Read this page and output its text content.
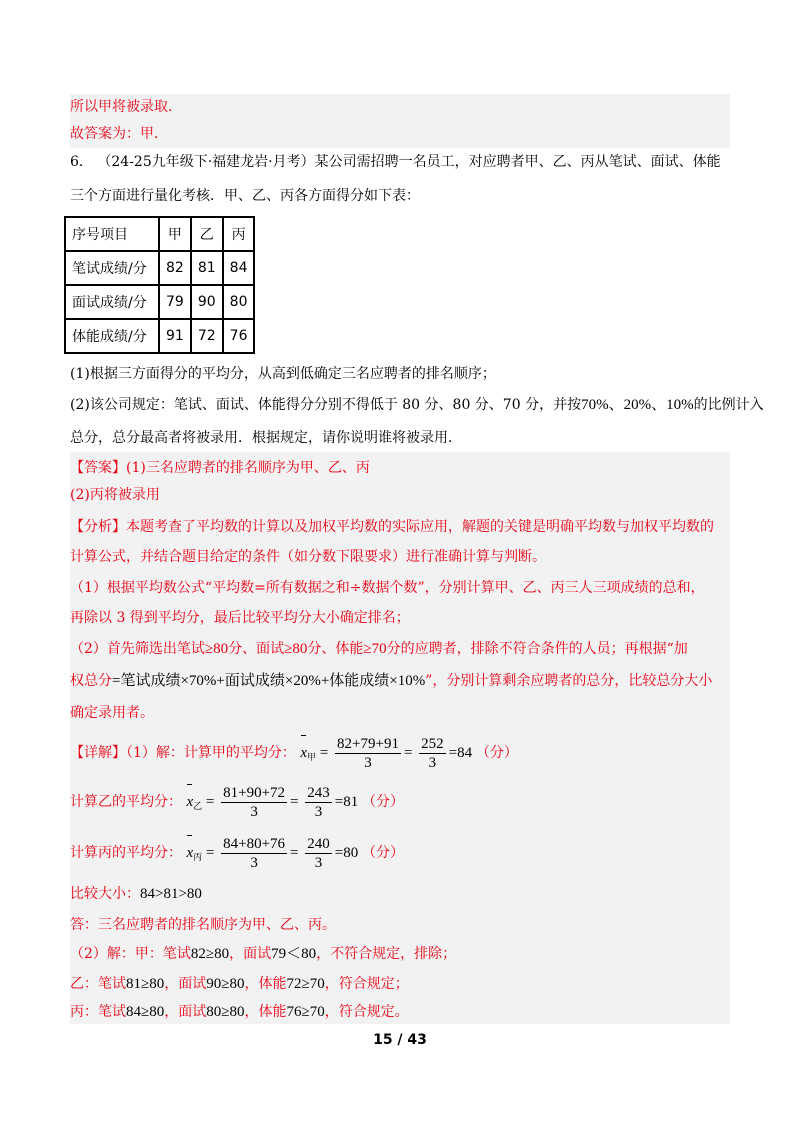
所以甲将被录取．
故答案为：甲．
6． （24-25九年级下·福建龙岩·月考）某公司需招聘一名员工，对应聘者甲、乙、丙从笔试、面试、体能
三个方面进行量化考核．甲、乙、丙各方面得分如下表：
序号项目	甲	乙	丙
笔试成绩/分	82	81	84
面试成绩/分	79	90	80
体能成绩/分	91	72	76
(1)根据三方面得分的平均分，从高到低确定三名应聘者的排名顺序；
(2)该公司规定：笔试、面试、体能得分分别不得低于 80 分、80 分、70 分，并按70%、20%、10%的比例计入
总分，总分最高者将被录用．根据规定，请你说明谁将被录用．
【答案】(1)三名应聘者的排名顺序为甲、乙、丙
(2)丙将被录用
【分析】本题考查了平均数的计算以及加权平均数的实际应用，解题的关键是明确平均数与加权平均数的
计算公式，并结合题目给定的条件（如分数下限要求）进行准确计算与判断。
（1）根据平均数公式“平均数=所有数据之和÷数据个数”，分别计算甲、乙、丙三人三项成绩的总和，
再除以 3 得到平均分，最后比较平均分大小确定排名；
（2）首先筛选出笔试≥80分、面试≥80分、体能≥70分的应聘者，排除不符合条件的人员；再根据“加
权总分=笔试成绩×70%+面试成绩×20%+体能成绩×10%”，分别计算剩余应聘者的总分，比较总分大小
确定录用者。
【详解】（1）解：计算甲的平均分： $x_甲 = \frac{82+79+91}{3} = \frac{252}{3} =84$ （分）
计算乙的平均分： $x_乙 = \frac{81+90+72}{3} = \frac{243}{3} =81$ （分）
计算丙的平均分： $x_丙 = \frac{84+80+76}{3} = \frac{240}{3} =80$ （分）
比较大小：84>81>80
答：三名应聘者的排名顺序为甲、乙、丙。
（2）解：甲：笔试82≥80，面试79＜80，不符合规定，排除；
乙：笔试81≥80，面试90≥80，体能72≥70，符合规定；
丙：笔试84≥80，面试80≥80，体能76≥70，符合规定。
15 / 43
